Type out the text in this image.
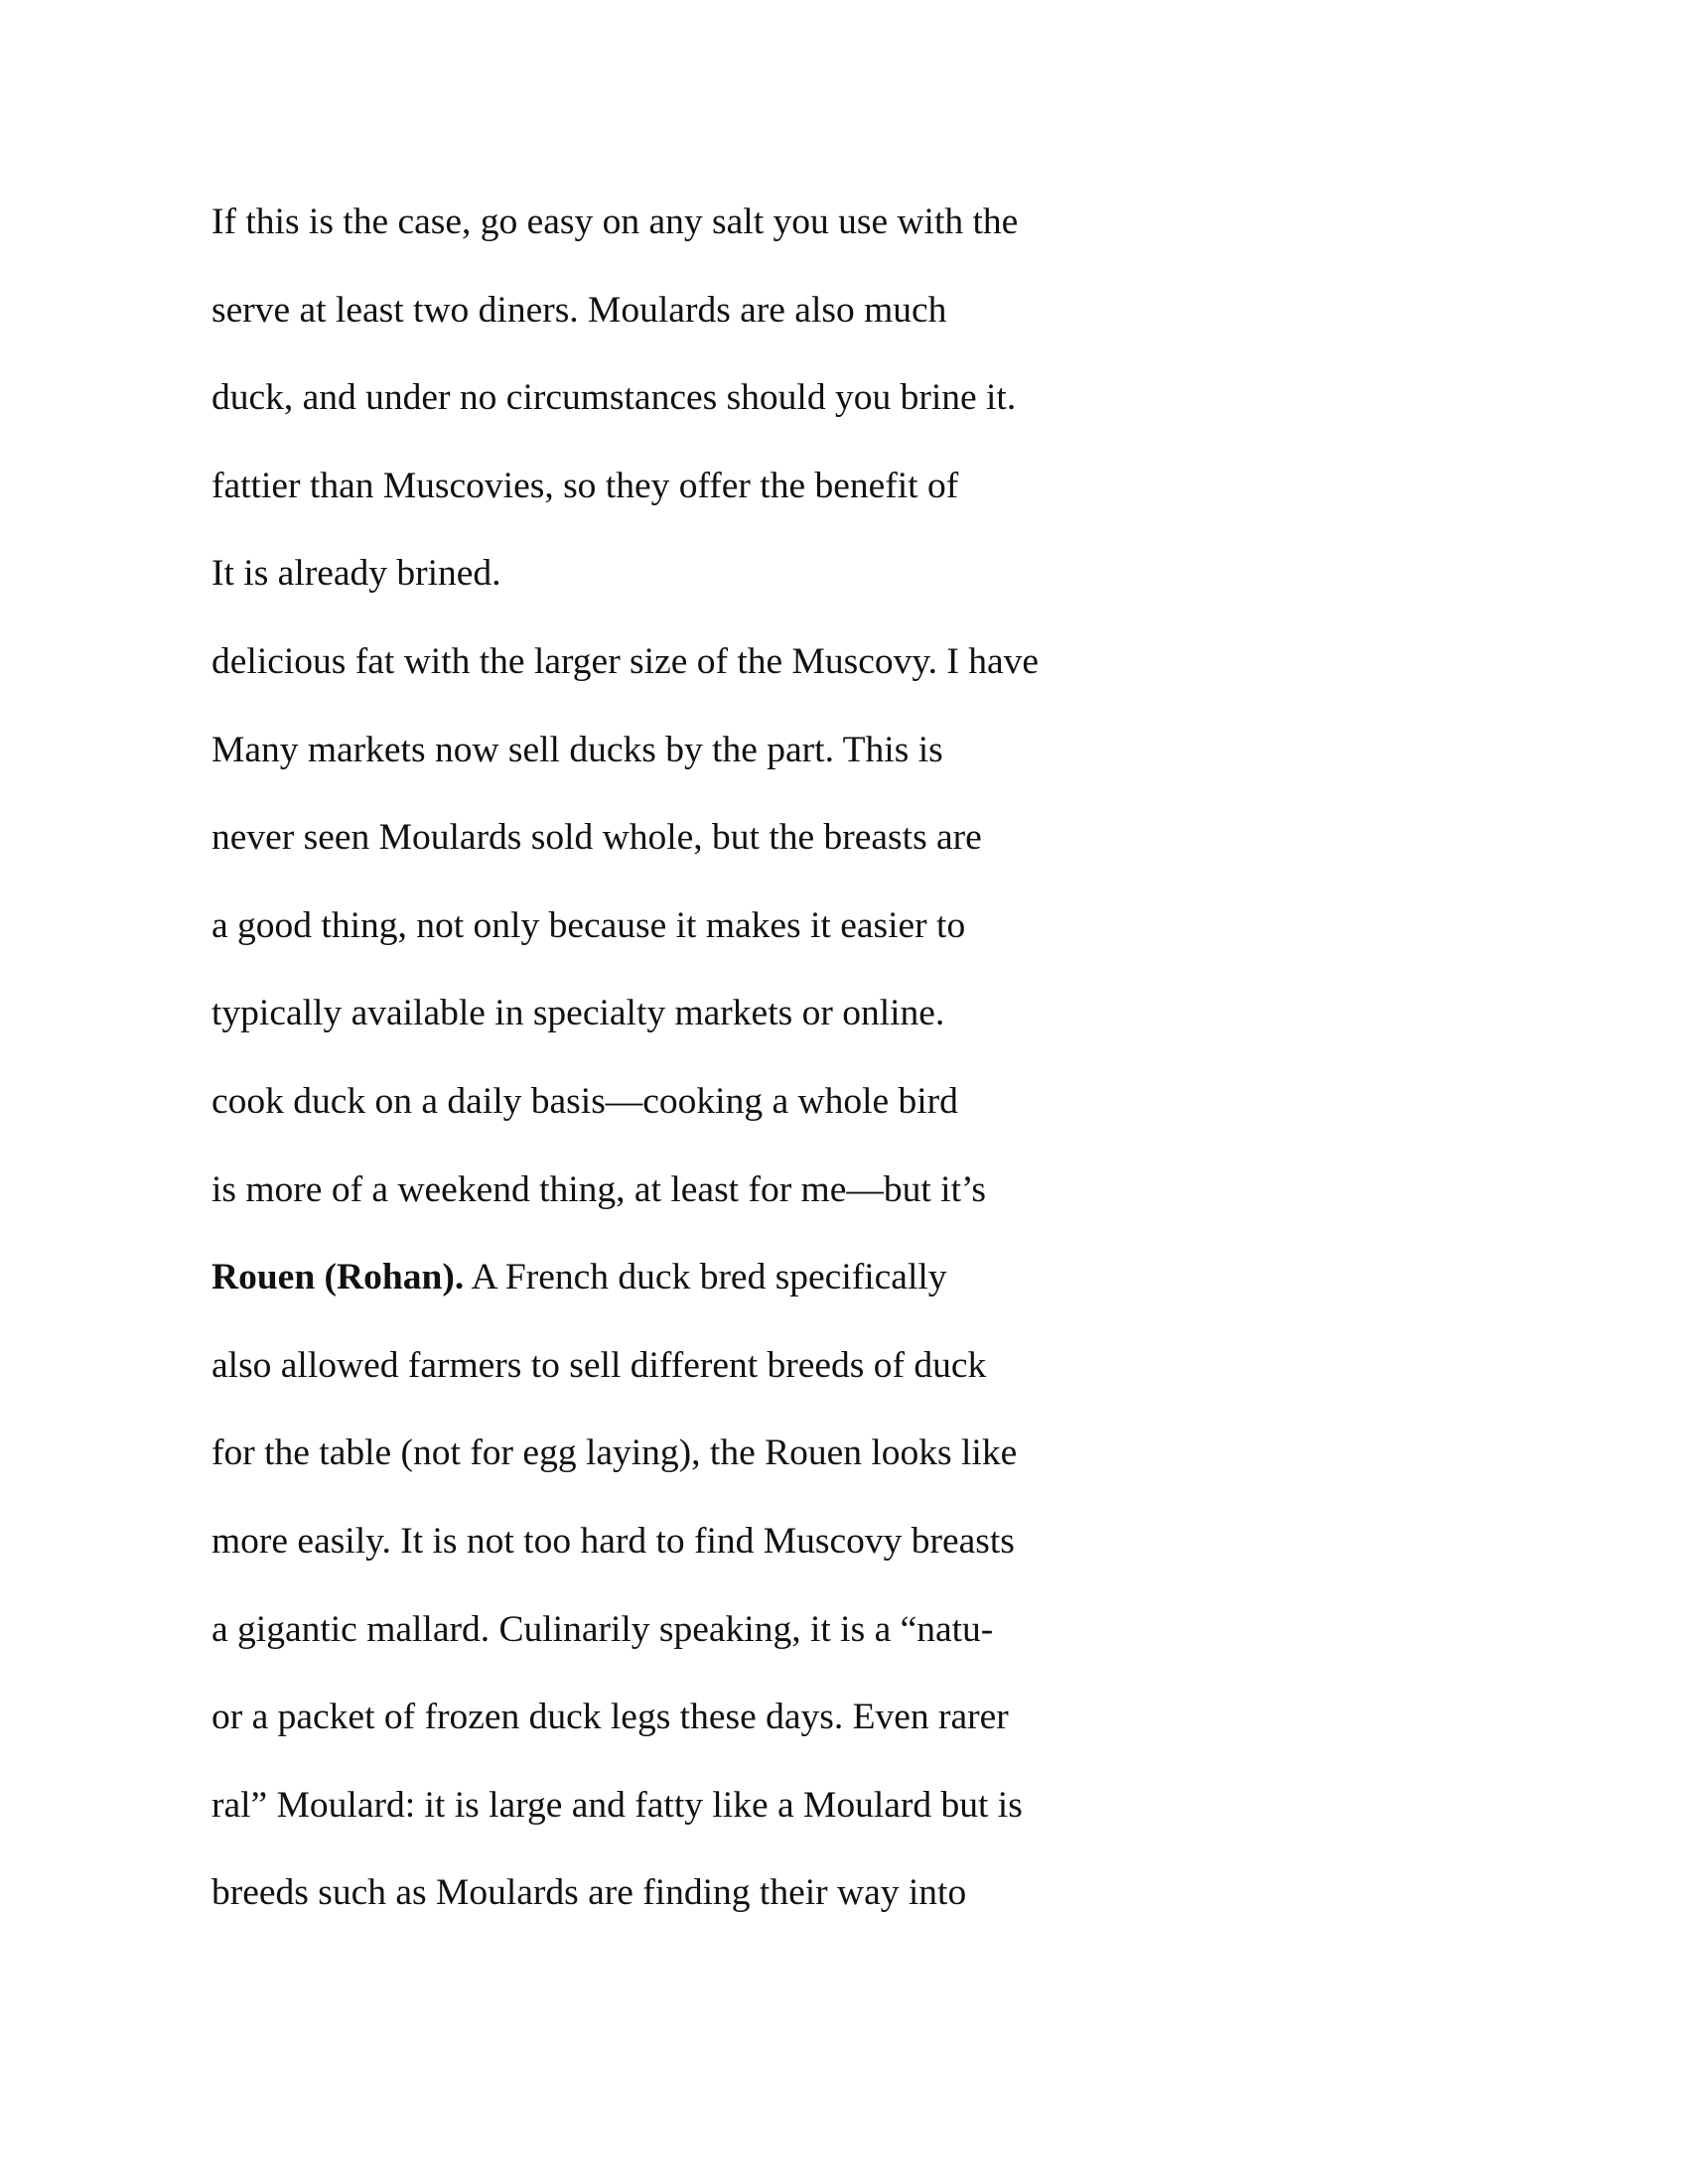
If this is the case, go easy on any salt you use with the
serve at least two diners. Moulards are also much
duck, and under no circumstances should you brine it.
fattier than Muscovies, so they offer the benefit of
It is already brined.
delicious fat with the larger size of the Muscovy. I have
Many markets now sell ducks by the part. This is
never seen Moulards sold whole, but the breasts are
a good thing, not only because it makes it easier to
typically available in specialty markets or online.
cook duck on a daily basis—cooking a whole bird
is more of a weekend thing, at least for me—but it’s
Rouen (Rohan). A French duck bred specifically
also allowed farmers to sell different breeds of duck
for the table (not for egg laying), the Rouen looks like
more easily. It is not too hard to find Muscovy breasts
a gigantic mallard. Culinarily speaking, it is a “natu-
or a packet of frozen duck legs these days. Even rarer
ral” Moulard: it is large and fatty like a Moulard but is
breeds such as Moulards are finding their way into
